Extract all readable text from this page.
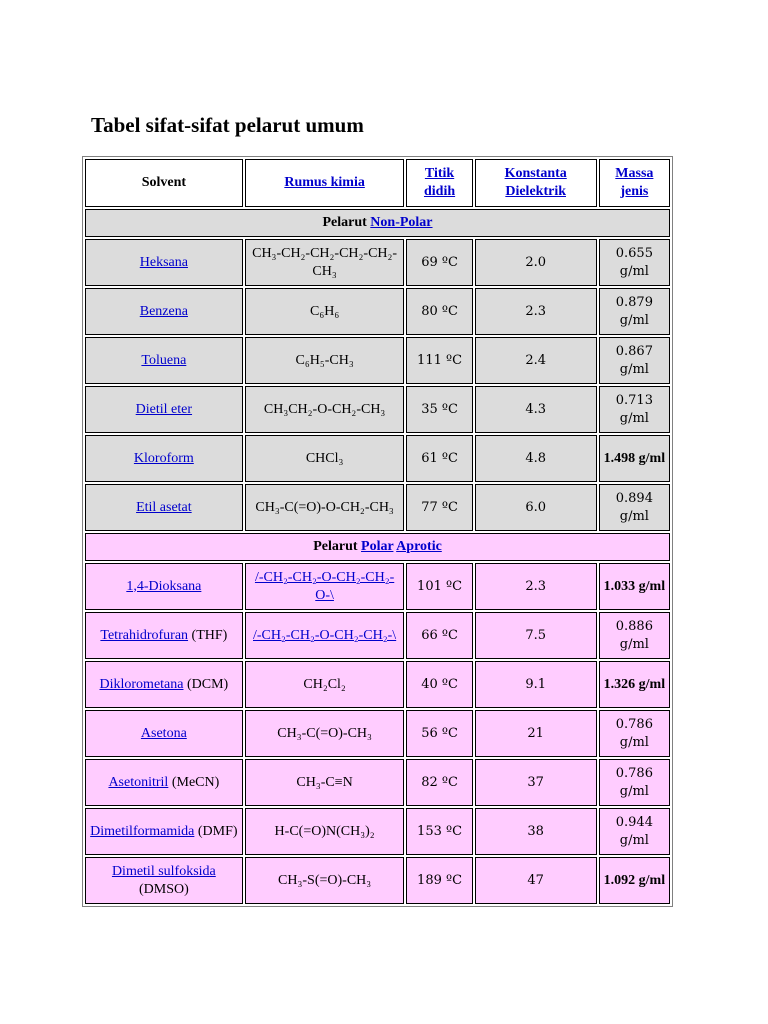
Tabel sifat-sifat pelarut umum
Solvent	Rumus kimia	Titik didih	Konstanta Dielektrik	Massa jenis
Pelarut Non-Polar				
Heksana	CH₃-CH₂-CH₂-CH₂-CH₂-CH₃	69 ºC	2.0	0.655 g/ml
Benzena	C₆H₆	80 ºC	2.3	0.879 g/ml
Toluena	C₆H₅-CH₃	111 ºC	2.4	0.867 g/ml
Dietil eter	CH₃CH₂-O-CH₂-CH₃	35 ºC	4.3	0.713 g/ml
Kloroform	CHCl₃	61 ºC	4.8	1.498 g/ml
Etil asetat	CH₃-C(=O)-O-CH₂-CH₃	77 ºC	6.0	0.894 g/ml
Pelarut Polar Aprotic				
1,4-Dioksana	/-CH₂-CH₂-O-CH₂-CH₂-O-\	101 ºC	2.3	1.033 g/ml
Tetrahidrofuran (THF)	/-CH₂-CH₂-O-CH₂-CH₂-\	66 ºC	7.5	0.886 g/ml
Diklorometana (DCM)	CH₂Cl₂	40 ºC	9.1	1.326 g/ml
Asetona	CH₃-C(=O)-CH₃	56 ºC	21	0.786 g/ml
Asetonitril (MeCN)	CH₃-C≡N	82 ºC	37	0.786 g/ml
Dimetilformamida (DMF)	H-C(=O)N(CH₃)₂	153 ºC	38	0.944 g/ml
Dimetil sulfoksida (DMSO)	CH₃-S(=O)-CH₃	189 ºC	47	1.092 g/ml
